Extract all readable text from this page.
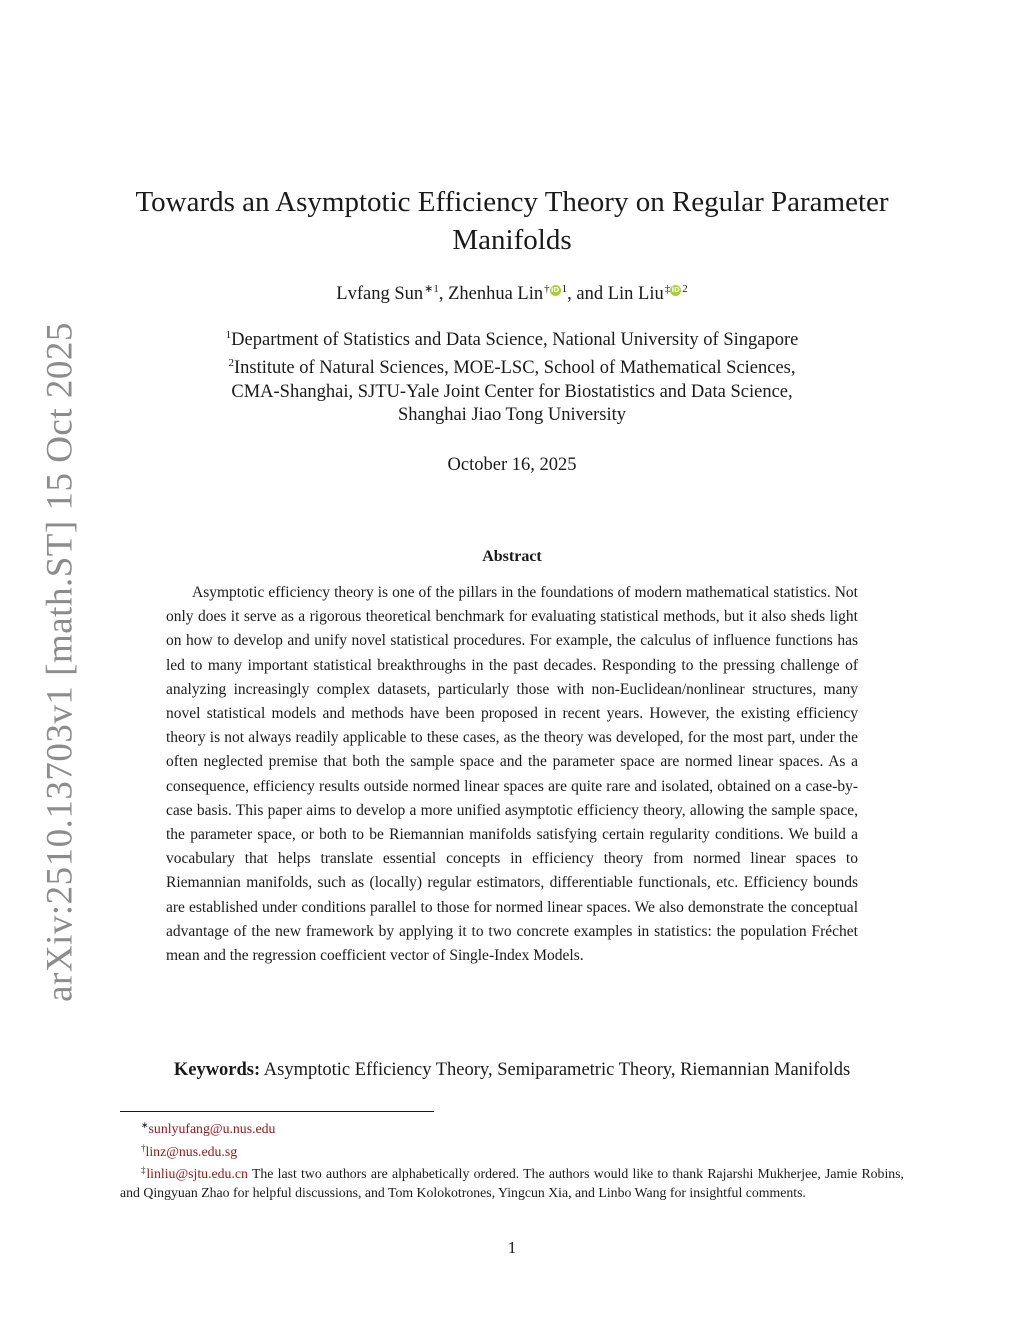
arXiv:2510.13703v1 [math.ST] 15 Oct 2025
Towards an Asymptotic Efficiency Theory on Regular Parameter Manifolds
Lvfang Sun$^{∗1}$, Zhenhua Lin†iD $^1$, and Lin Liu‡iD $^2$
$^1$Department of Statistics and Data Science, National University of Singapore
$^2$Institute of Natural Sciences, MOE-LSC, School of Mathematical Sciences,
CMA-Shanghai, SJTU-Yale Joint Center for Biostatistics and Data Science,
Shanghai Jiao Tong University
October 16, 2025
Abstract

Asymptotic efficiency theory is one of the pillars in the foundations of modern mathematical statistics. Not only does it serve as a rigorous theoretical benchmark for evaluating statistical methods, but it also sheds light on how to develop and unify novel statistical procedures. For example, the calculus of influence functions has led to many important statistical breakthroughs in the past decades. Responding to the pressing challenge of analyzing increasingly complex datasets, particularly those with non-Euclidean/nonlinear structures, many novel statistical models and methods have been proposed in recent years. However, the existing efficiency theory is not always readily applicable to these cases, as the theory was developed, for the most part, under the often neglected premise that both the sample space and the parameter space are normed linear spaces. As a consequence, efficiency results outside normed linear spaces are quite rare and isolated, obtained on a case-by-case basis. This paper aims to develop a more unified asymptotic efficiency theory, allowing the sample space, the parameter space, or both to be Riemannian manifolds satisfying certain regularity conditions. We build a vocabulary that helps translate essential concepts in efficiency theory from normed linear spaces to Riemannian manifolds, such as (locally) regular estimators, differentiable functionals, etc. Efficiency bounds are established under conditions parallel to those for normed linear spaces. We also demonstrate the conceptual advantage of the new framework by applying it to two concrete examples in statistics: the population Fréchet mean and the regression coefficient vector of Single-Index Models.

Keywords: Asymptotic Efficiency Theory, Semiparametric Theory, Riemannian Manifolds

∗sunlyufang@u.nus.edu

†linz@nus.edu.sg

‡linliu@sjtu.edu.cn The last two authors are alphabetically ordered. The authors would like to thank Rajarshi Mukherjee, Jamie Robins, and Qingyuan Zhao for helpful discussions, and Tom Kolokotrones, Yingcun Xia, and Linbo Wang for insightful comments.

1
